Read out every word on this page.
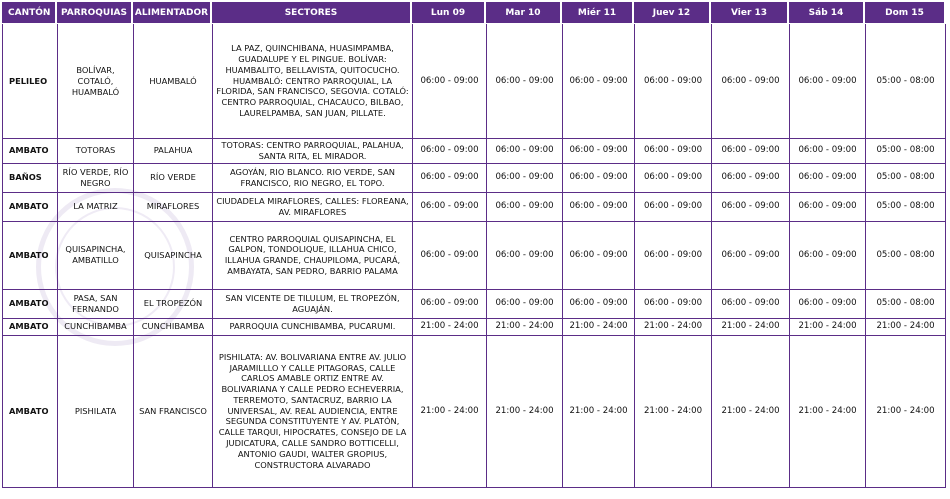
CANTÓN	PARROQUIAS	ALIMENTADOR	SECTORES	Lun 09	Mar 10	Miér 11	Juev 12	Vier 13	Sáb 14	Dom 15
PELILEO	BOLÍVAR, COTALÓ, HUAMBALÓ	HUAMBALÓ	LA PAZ, QUINCHIBANA, HUASIMPAMBA, GUADALUPE Y EL PINGUE. BOLÍVAR: HUAMBALITO, BELLAVISTA, QUITOCUCHO. HUAMBALÓ: CENTRO PARROQUIAL, LA FLORIDA, SAN FRANCISCO, SEGOVIA. COTALÓ: CENTRO PARROQUIAL, CHACAUCO, BILBAO, LAURELPAMBA, SAN JUAN, PILLATE.	06:00 - 09:00	06:00 - 09:00	06:00 - 09:00	06:00 - 09:00	06:00 - 09:00	06:00 - 09:00	05:00 - 08:00
AMBATO	TOTORAS	PALAHUA	TOTORAS: CENTRO PARROQUIAL, PALAHUA, SANTA RITA, EL MIRADOR.	06:00 - 09:00	06:00 - 09:00	06:00 - 09:00	06:00 - 09:00	06:00 - 09:00	06:00 - 09:00	05:00 - 08:00
BAÑOS	RÍO VERDE, RÍO NEGRO	RÍO VERDE	AGOYÁN, RIO BLANCO. RIO VERDE, SAN FRANCISCO, RIO NEGRO, EL TOPO.	06:00 - 09:00	06:00 - 09:00	06:00 - 09:00	06:00 - 09:00	06:00 - 09:00	06:00 - 09:00	05:00 - 08:00
AMBATO	LA MATRIZ	MIRAFLORES	CIUDADELA MIRAFLORES, CALLES: FLOREANA, AV. MIRAFLORES	06:00 - 09:00	06:00 - 09:00	06:00 - 09:00	06:00 - 09:00	06:00 - 09:00	06:00 - 09:00	05:00 - 08:00
AMBATO	QUISAPINCHA, AMBATILLO	QUISAPINCHA	CENTRO PARROQUIAL QUISAPINCHA, EL GALPON, TONDOLIQUE, ILLAHUA CHICO, ILLAHUA GRANDE, CHAUPILOMA, PUCARÁ, AMBAYATA, SAN PEDRO, BARRIO PALAMA	06:00 - 09:00	06:00 - 09:00	06:00 - 09:00	06:00 - 09:00	06:00 - 09:00	06:00 - 09:00	05:00 - 08:00
AMBATO	PASA, SAN FERNANDO	EL TROPEZÓN	SAN VICENTE DE TILULUM, EL TROPEZÓN, AGUAJÁN.	06:00 - 09:00	06:00 - 09:00	06:00 - 09:00	06:00 - 09:00	06:00 - 09:00	06:00 - 09:00	05:00 - 08:00
AMBATO	CUNCHIBAMBA	CUNCHIBAMBA	PARROQUIA CUNCHIBAMBA, PUCARUMI.	21:00 - 24:00	21:00 - 24:00	21:00 - 24:00	21:00 - 24:00	21:00 - 24:00	21:00 - 24:00	21:00 - 24:00
AMBATO	PISHILATA	SAN FRANCISCO	PISHILATA: AV. BOLIVARIANA ENTRE AV. JULIO JARAMILLLO Y CALLE PITAGORAS, CALLE CARLOS AMABLE ORTIZ ENTRE AV. BOLIVARIANA Y CALLE PEDRO ECHEVERRIA, TERREMOTO, SANTACRUZ, BARRIO LA UNIVERSAL, AV. REAL AUDIENCIA, ENTRE SEGUNDA CONSTITUYENTE Y AV. PLATÓN, CALLE TARQUI, HIPOCRATES, CONSEJO DE LA JUDICATURA, CALLE SANDRO BOTTICELLI, ANTONIO GAUDI, WALTER GROPIUS, CONSTRUCTORA ALVARADO	21:00 - 24:00	21:00 - 24:00	21:00 - 24:00	21:00 - 24:00	21:00 - 24:00	21:00 - 24:00	21:00 - 24:00
